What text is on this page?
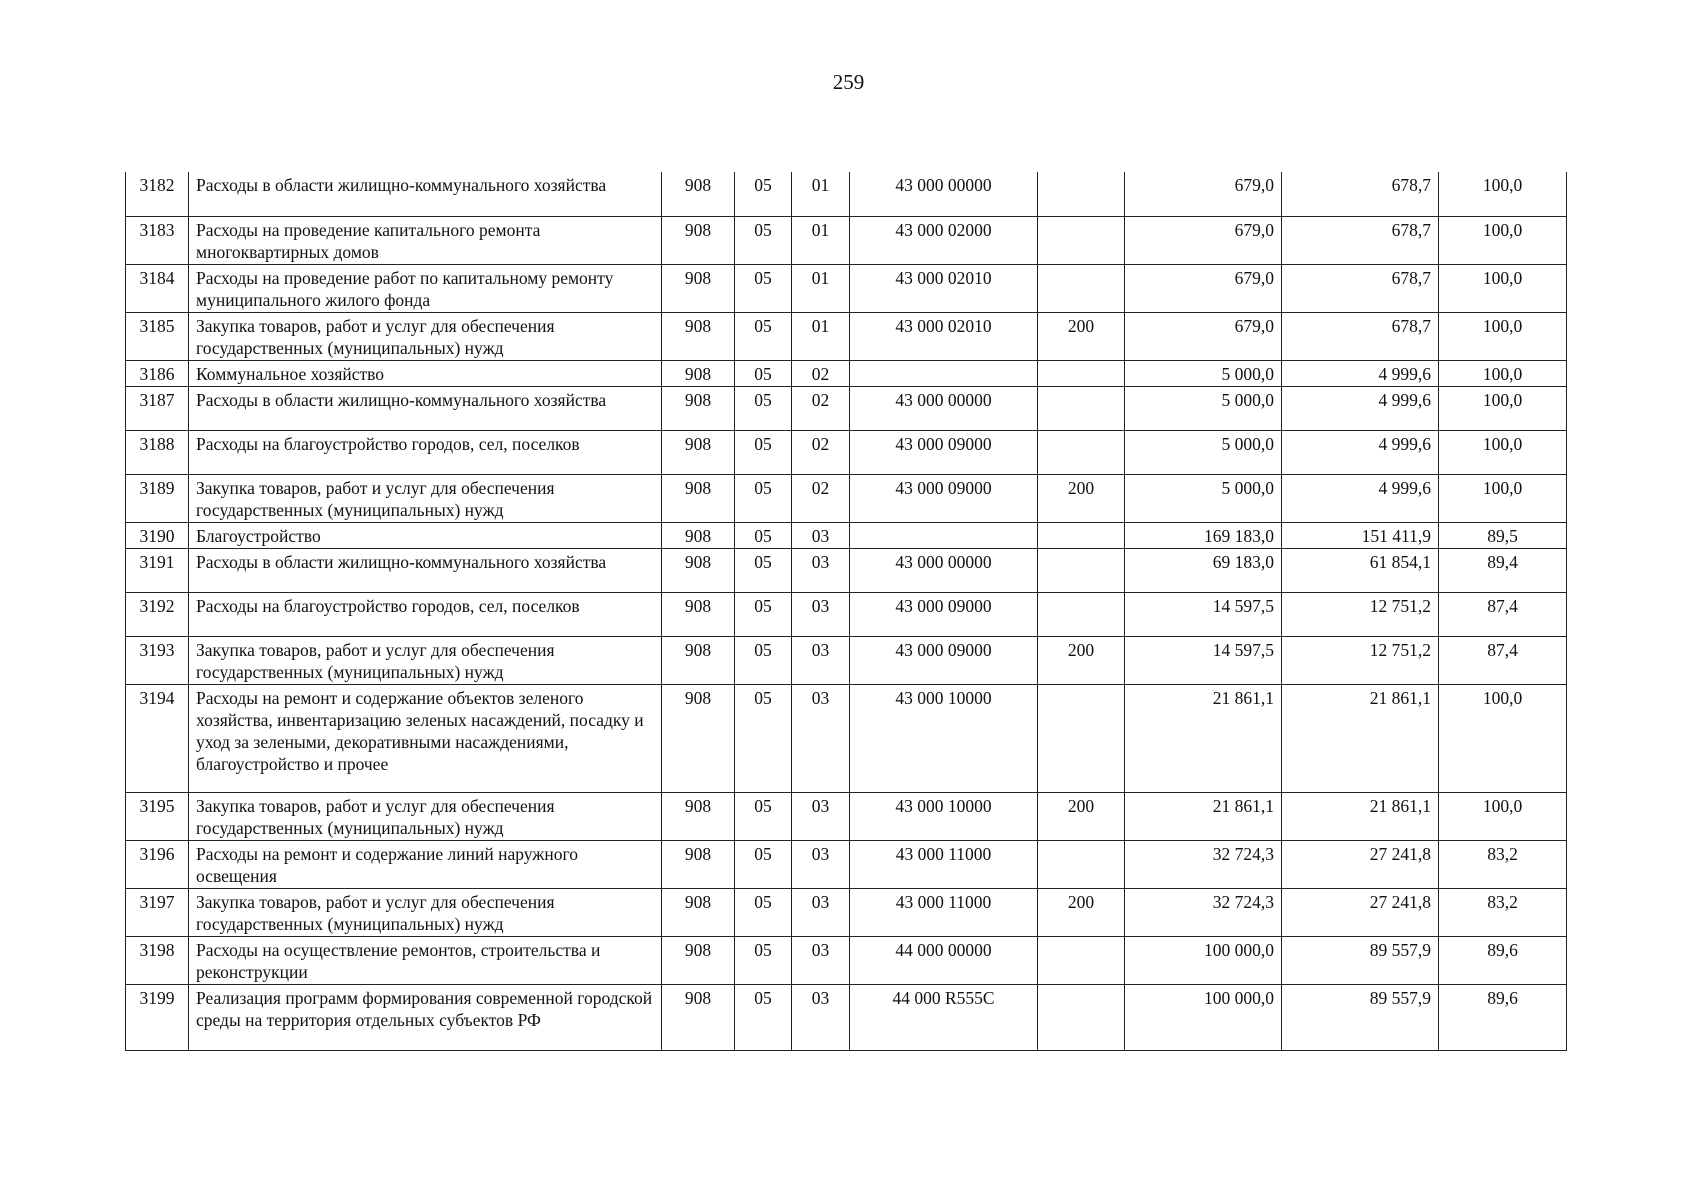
259
3182	Расходы в области жилищно-коммунального хозяйства	908	05	01	43 000 00000		679,0	678,7	100,0
3183	Расходы на проведение капитального ремонта многоквартирных домов	908	05	01	43 000 02000		679,0	678,7	100,0
3184	Расходы на проведение работ по капитальному ремонту муниципального жилого фонда	908	05	01	43 000 02010		679,0	678,7	100,0
3185	Закупка товаров, работ и услуг для обеспечения государственных (муниципальных) нужд	908	05	01	43 000 02010	200	679,0	678,7	100,0
3186	Коммунальное хозяйство	908	05	02			5 000,0	4 999,6	100,0
3187	Расходы в области жилищно-коммунального хозяйства	908	05	02	43 000 00000		5 000,0	4 999,6	100,0
3188	Расходы на благоустройство городов, сел, поселков	908	05	02	43 000 09000		5 000,0	4 999,6	100,0
3189	Закупка товаров, работ и услуг для обеспечения государственных (муниципальных) нужд	908	05	02	43 000 09000	200	5 000,0	4 999,6	100,0
3190	Благоустройство	908	05	03			169 183,0	151 411,9	89,5
3191	Расходы в области жилищно-коммунального хозяйства	908	05	03	43 000 00000		69 183,0	61 854,1	89,4
3192	Расходы на благоустройство городов, сел, поселков	908	05	03	43 000 09000		14 597,5	12 751,2	87,4
3193	Закупка товаров, работ и услуг для обеспечения государственных (муниципальных) нужд	908	05	03	43 000 09000	200	14 597,5	12 751,2	87,4
3194	Расходы на ремонт и содержание объектов зеленого хозяйства, инвентаризацию зеленых насаждений, посадку и уход за зелеными, декоративными насаждениями, благоустройство и прочее	908	05	03	43 000 10000		21 861,1	21 861,1	100,0
3195	Закупка товаров, работ и услуг для обеспечения государственных (муниципальных) нужд	908	05	03	43 000 10000	200	21 861,1	21 861,1	100,0
3196	Расходы на ремонт и содержание линий наружного освещения	908	05	03	43 000 11000		32 724,3	27 241,8	83,2
3197	Закупка товаров, работ и услуг для обеспечения государственных (муниципальных) нужд	908	05	03	43 000 11000	200	32 724,3	27 241,8	83,2
3198	Расходы на осуществление ремонтов, строительства и реконструкции	908	05	03	44 000 00000		100 000,0	89 557,9	89,6
3199	Реализация программ формирования современной городской среды на территория отдельных субъектов РФ	908	05	03	44 000 R555C		100 000,0	89 557,9	89,6
